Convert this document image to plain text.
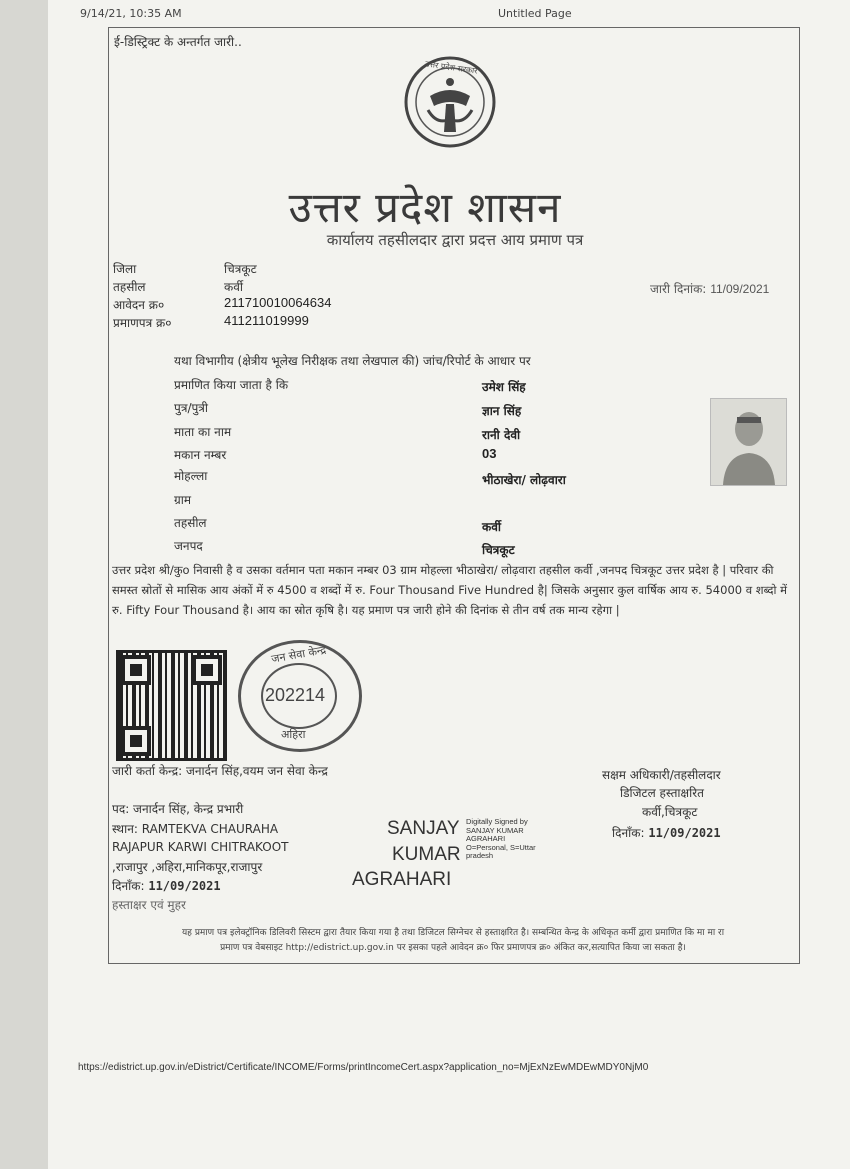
9/14/21, 10:35 AM	Untitled Page
ई-डिस्ट्रिक्ट के अन्तर्गत जारी..
उत्तर प्रदेश सरकार
उत्तर प्रदेश शासन
कार्यालय तहसीलदार द्वारा प्रदत्त आय प्रमाण पत्र
जिला	चित्रकूट
तहसील	कर्वी
आवेदन क्र०	211710010064634
प्रमाणपत्र क्र०	411211019999
जारी दिनांक: 11/09/2021
यथा विभागीय (क्षेत्रीय भूलेख निरीक्षक तथा लेखपाल की) जांच/रिपोर्ट के आधार पर
प्रमाणित किया जाता है कि	उमेश सिंह
पुत्र/पुत्री	ज्ञान सिंह
माता का नाम	रानी देवी
मकान नम्बर	03
मोहल्ला	भीठाखेरा/ लोढ़वारा
ग्राम
तहसील	कर्वी
जनपद	चित्रकूट
उत्तर प्रदेश श्री/कुo निवासी है व उसका वर्तमान पता मकान नम्बर 03 ग्राम मोहल्ला भीठाखेरा/ लोढ़वारा तहसील कर्वी ,जनपद चित्रकूट उत्तर प्रदेश है | परिवार की समस्त स्रोतों से मासिक आय अंकों में रु 4500 व शब्दों में रु. Four Thousand Five Hundred है| जिसके अनुसार कुल वार्षिक आय रु. 54000 व शब्दो में रु. Fifty Four Thousand है। आय का स्रोत कृषि है। यह प्रमाण पत्र जारी होने की दिनांक से तीन वर्ष तक मान्य रहेगा |
जन सेवा केन्द्र
202214
अहिरा
जारी कर्ता केन्द्र: जनार्दन सिंह,वयम जन सेवा केन्द्र
पद: जनार्दन सिंह, केन्द्र प्रभारी
स्थान: RAMTEKVA CHAURAHA
RAJAPUR KARWI CHITRAKOOT
,राजापुर ,अहिरा,मानिकपूर,राजापुर
दिनाँक: 11/09/2021
हस्ताक्षर एवं मुहर
SANJAY
KUMAR
AGRAHARI
Digitally Signed by
SANJAY KUMAR
AGRAHARI
O=Personal, S=Uttar
pradesh
सक्षम अधिकारी/तहसीलदार
डिजिटल हस्ताक्षरित
कर्वी,चित्रकूट
दिनाँक: 11/09/2021
यह प्रमाण पत्र इलेक्ट्रॉनिक डिलिवरी सिस्टम द्वारा तैयार किया गया है तथा डिजिटल सिग्नेचर से हस्ताक्षरित है। सम्बन्धित केन्द्र के अधिकृत कर्मी द्वारा प्रमाणित कि मा मा रा
प्रमाण पत्र वेबसाइट http://edistrict.up.gov.in पर इसका पहले आवेदन क्र० फिर प्रमाणपत्र क्र० अंकित कर,सत्यापित किया जा सकता है।
https://edistrict.up.gov.in/eDistrict/Certificate/INCOME/Forms/printIncomeCert.aspx?application_no=MjExNzEwMDEwMDY0NjM0
